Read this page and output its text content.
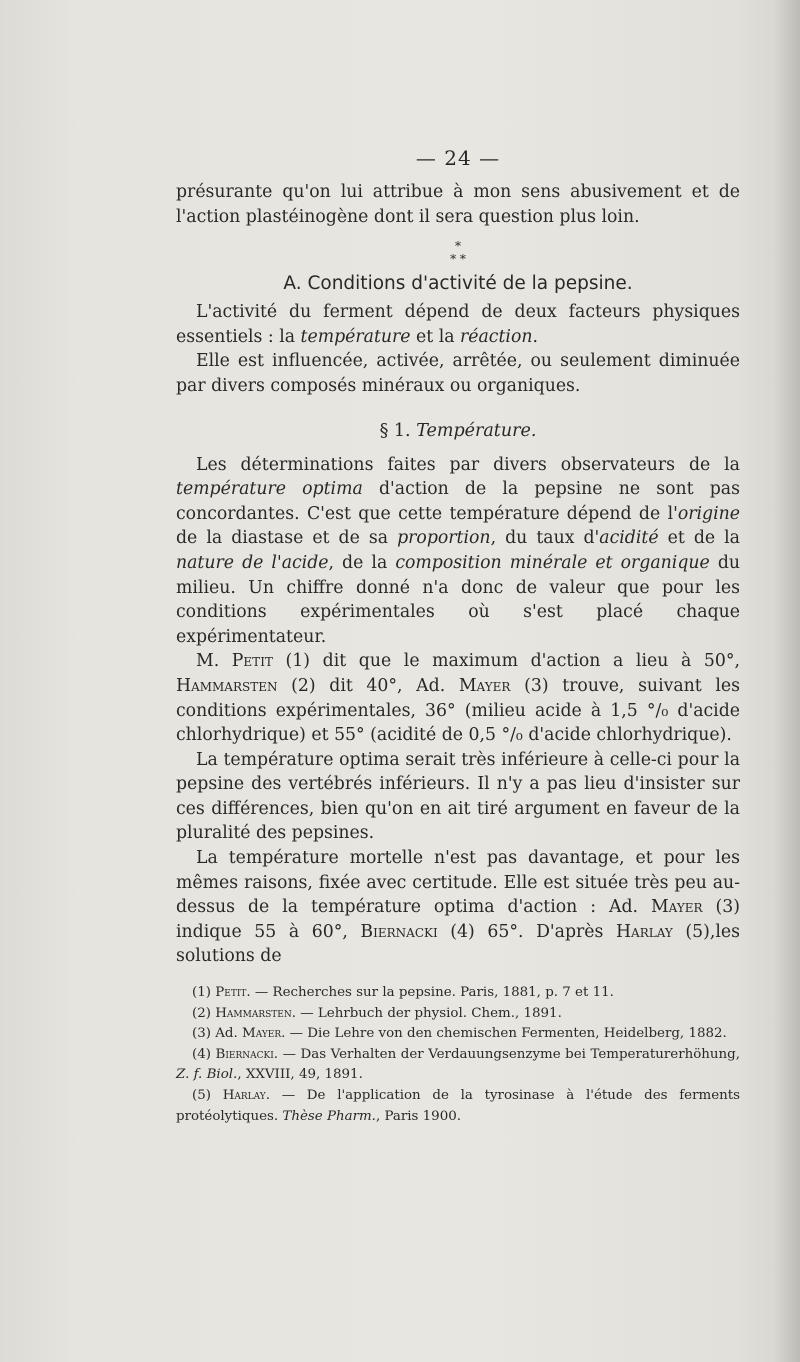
— 24 —

présurante qu'on lui attribue à mon sens abusivement et de l'action plastéinogène dont il sera question plus loin.

*
* *
A. Conditions d'activité de la pepsine.

L'activité du ferment dépend de deux facteurs physiques essentiels : la température et la réaction.

Elle est influencée, activée, arrêtée, ou seulement diminuée par divers composés minéraux ou organiques.

§ 1. Température.

Les déterminations faites par divers observateurs de la température optima d'action de la pepsine ne sont pas concordantes. C'est que cette température dépend de l'origine de la diastase et de sa proportion, du taux d'acidité et de la nature de l'acide, de la composition minérale et organique du milieu. Un chiffre donné n'a donc de valeur que pour les conditions expérimentales où s'est placé chaque expérimentateur.

M. Petit (1) dit que le maximum d'action a lieu à 50°, Hammarsten (2) dit 40°, Ad. Mayer (3) trouve, suivant les conditions expérimentales, 36° (milieu acide à 1,5 °/₀ d'acide chlorhydrique) et 55° (acidité de 0,5 °/₀ d'acide chlorhydrique).

La température optima serait très inférieure à celle-ci pour la pepsine des vertébrés inférieurs. Il n'y a pas lieu d'insister sur ces différences, bien qu'on en ait tiré argument en faveur de la pluralité des pepsines.

La température mortelle n'est pas davantage, et pour les mêmes raisons, fixée avec certitude. Elle est située très peu au-dessus de la température optima d'action : Ad. Mayer (3) indique 55 à 60°, Biernacki (4) 65°. D'après Harlay (5),les solutions de

(1) Petit. — Recherches sur la pepsine. Paris, 1881, p. 7 et 11.

(2) Hammarsten. — Lehrbuch der physiol. Chem., 1891.

(3) Ad. Mayer. — Die Lehre von den chemischen Fermenten, Heidelberg, 1882.

(4) Biernacki. — Das Verhalten der Verdauungsenzyme bei Temperaturerhöhung, Z. f. Biol., XXVIII, 49, 1891.

(5) Harlay. — De l'application de la tyrosinase à l'étude des ferments protéolytiques. Thèse Pharm., Paris 1900.
